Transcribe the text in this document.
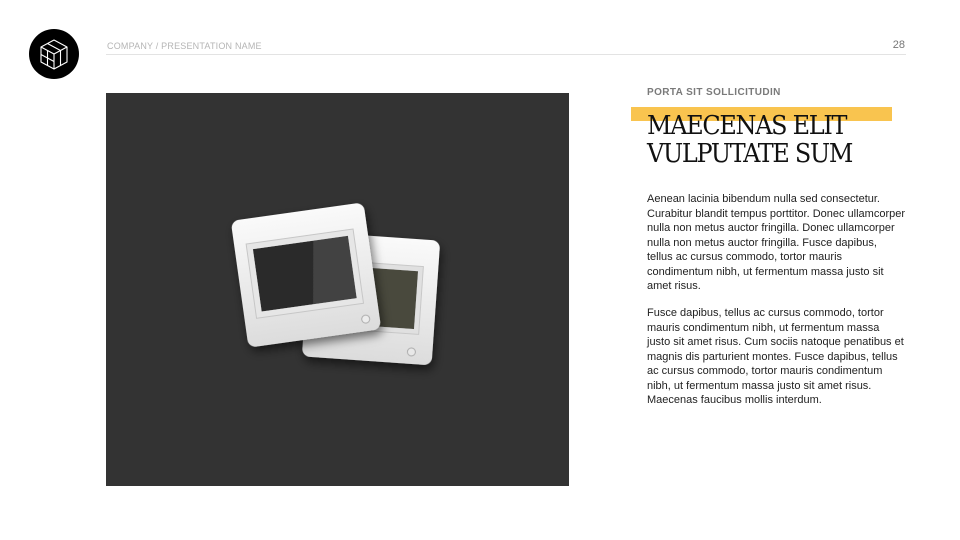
COMPANY / PRESENTATION NAME	28
PORTA SIT SOLLICITUDIN
MAECENAS ELIT
VULPUTATE SUM

Aenean lacinia bibendum nulla sed consectetur. Curabitur blandit tempus porttitor. Donec ullamcorper nulla non metus auctor fringilla. Donec ullamcorper nulla non metus auctor fringilla. Fusce dapibus, tellus ac cursus commodo, tortor mauris condimentum nibh, ut fermentum massa justo sit amet risus.

Fusce dapibus, tellus ac cursus commodo, tortor mauris condimentum nibh, ut fermentum massa justo sit amet risus. Cum sociis natoque penatibus et magnis dis parturient montes. Fusce dapibus, tellus ac cursus commodo, tortor mauris condimentum nibh, ut fermentum massa justo sit amet risus. Maecenas faucibus mollis interdum.
